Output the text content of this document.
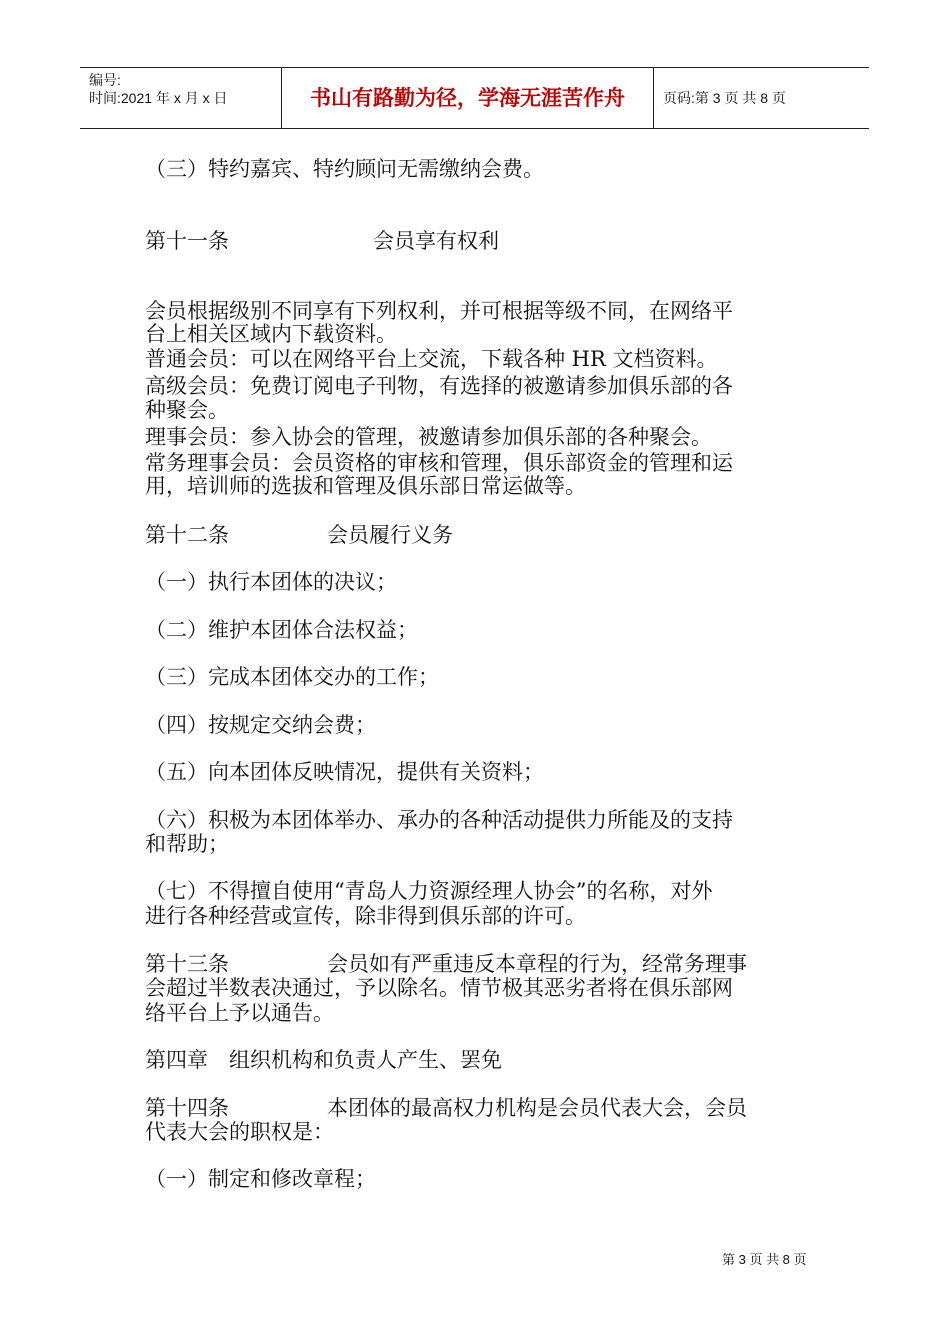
编号:
时间:2021 年 x 月 x 日	书山有路勤为径，学海无涯苦作舟	页码:第 3 页 共 8 页
（三）特约嘉宾、特约顾问无需缴纳会费。
第十一条	会员享有权利
会员根据级别不同享有下列权利，并可根据等级不同，在网络平
台上相关区域内下载资料。
普通会员：可以在网络平台上交流，下载各种 HR 文档资料。
高级会员：免费订阅电子刊物，有选择的被邀请参加俱乐部的各
种聚会。
理事会员：参入协会的管理，被邀请参加俱乐部的各种聚会。
常务理事会员：会员资格的审核和管理，俱乐部资金的管理和运
用，培训师的选拔和管理及俱乐部日常运做等。
第十二条	会员履行义务
（一）执行本团体的决议；
（二）维护本团体合法权益；
（三）完成本团体交办的工作；
（四）按规定交纳会费；
（五）向本团体反映情况，提供有关资料；
（六）积极为本团体举办、承办的各种活动提供力所能及的支持
和帮助；
（七）不得擅自使用“青岛人力资源经理人协会”的名称，对外
进行各种经营或宣传，除非得到俱乐部的许可。
第十三条	会员如有严重违反本章程的行为，经常务理事
会超过半数表决通过，予以除名。情节极其恶劣者将在俱乐部网
络平台上予以通告。
第四章　组织机构和负责人产生、罢免
第十四条	本团体的最高权力机构是会员代表大会，会员
代表大会的职权是：
（一）制定和修改章程；
第 3 页 共 8 页
